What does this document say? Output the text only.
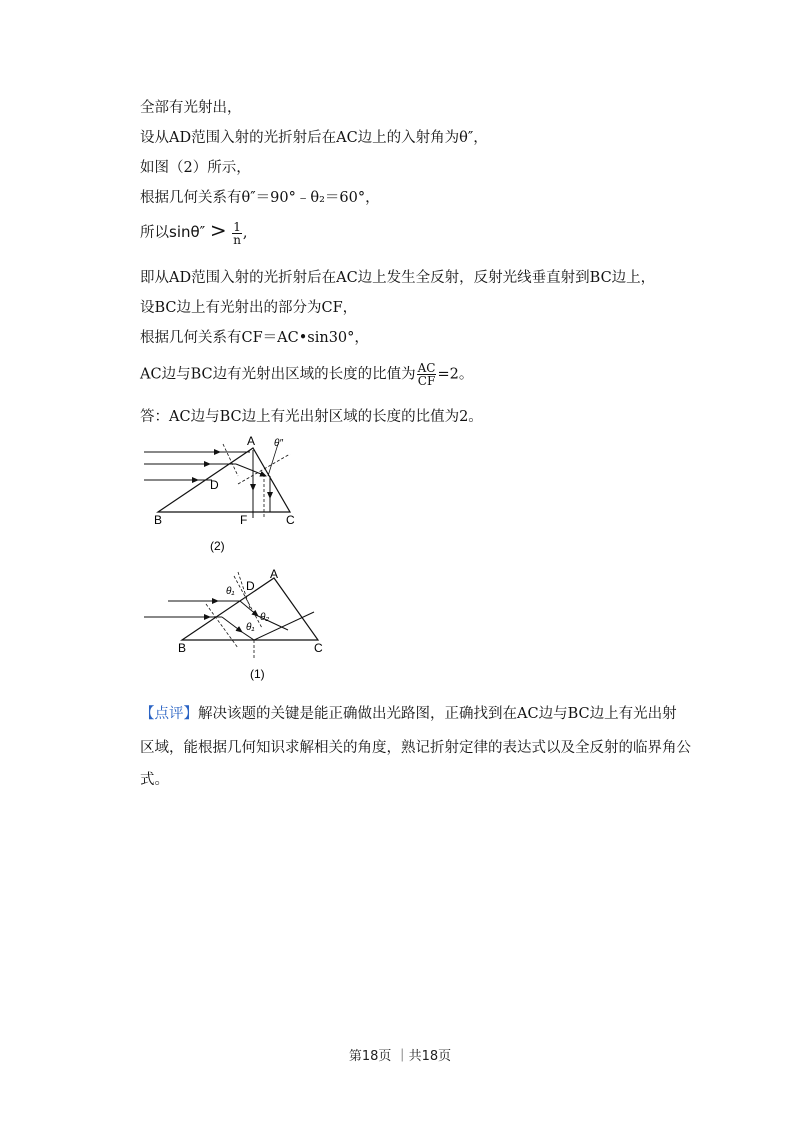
全部有光射出，
设从AD范围入射的光折射后在AC边上的入射角为θ″，
如图（2）所示，
根据几何关系有θ″＝90°﹣θ₂＝60°，
所以$\sin\theta'' > \frac{1}{n}$ ,
即从AD范围入射的光折射后在AC边上发生全反射，反射光线垂直射到BC边上，
设BC边上有光射出的部分为CF，
根据几何关系有CF＝AC•sin30°，
AC边与BC边有光射出区域的长度的比值为 $\frac{AC}{CF} =2$。
答：AC边与BC边上有光出射区域的长度的比值为2。
A
B	C
D
F
θ″
(2)
A
B	C
D
θ₁
θ₂
θ₁
(1)
【点评】解决该题的关键是能正确做出光路图，正确找到在AC边与BC边上有光出射
区域，能根据几何知识求解相关的角度，熟记折射定律的表达式以及全反射的临界角公
式。
第18页 ｜共18页
